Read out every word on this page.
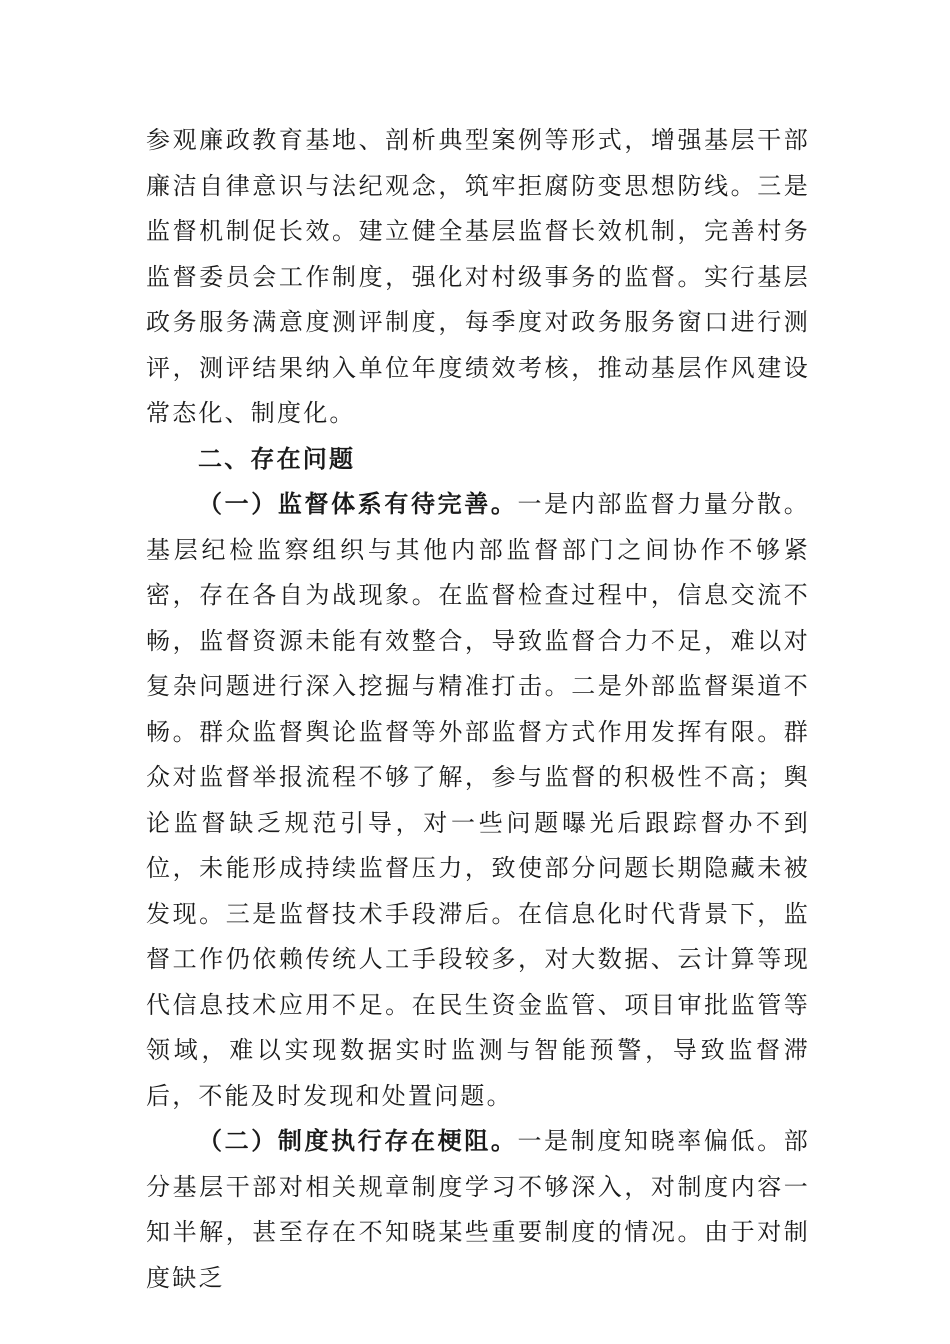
参观廉政教育基地、剖析典型案例等形式，增强基层干部廉洁自律意识与法纪观念，筑牢拒腐防变思想防线。三是监督机制促长效。建立健全基层监督长效机制，完善村务监督委员会工作制度，强化对村级事务的监督。实行基层政务服务满意度测评制度，每季度对政务服务窗口进行测评，测评结果纳入单位年度绩效考核，推动基层作风建设常态化、制度化。

二、存在问题

（一）监督体系有待完善。一是内部监督力量分散。基层纪检监察组织与其他内部监督部门之间协作不够紧密，存在各自为战现象。在监督检查过程中，信息交流不畅，监督资源未能有效整合，导致监督合力不足，难以对复杂问题进行深入挖掘与精准打击。二是外部监督渠道不畅。群众监督舆论监督等外部监督方式作用发挥有限。群众对监督举报流程不够了解，参与监督的积极性不高；舆论监督缺乏规范引导，对一些问题曝光后跟踪督办不到位，未能形成持续监督压力，致使部分问题长期隐藏未被发现。三是监督技术手段滞后。在信息化时代背景下，监督工作仍依赖传统人工手段较多，对大数据、云计算等现代信息技术应用不足。在民生资金监管、项目审批监管等领域，难以实现数据实时监测与智能预警，导致监督滞后，不能及时发现和处置问题。

（二）制度执行存在梗阻。一是制度知晓率偏低。部分基层干部对相关规章制度学习不够深入，对制度内容一知半解，甚至存在不知晓某些重要制度的情况。由于对制度缺乏
